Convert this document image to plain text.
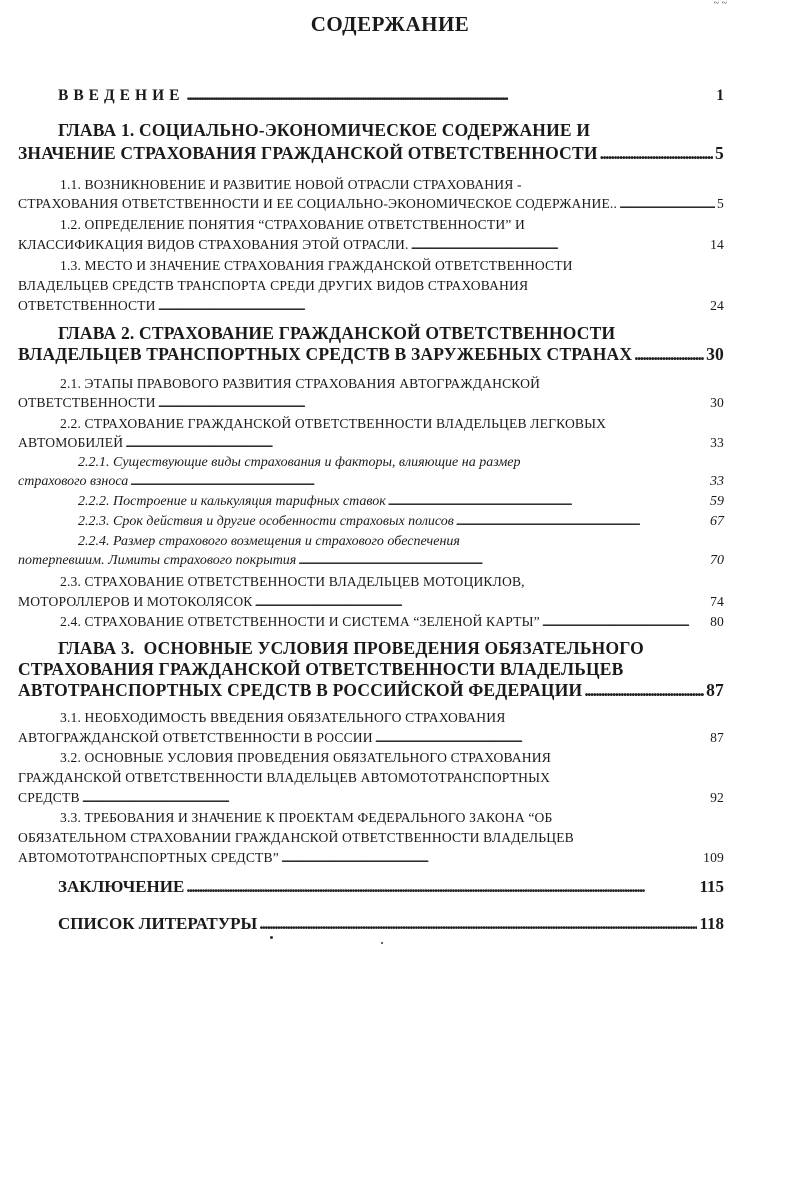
~ ~
СОДЕРЖАНИЕ
ВВЕДЕНИЕ . . .	1
ГЛАВА 1. СОЦИАЛЬНО-ЭКОНОМИЧЕСКОЕ СОДЕРЖАНИЕ И
ЗНАЧЕНИЕ СТРАХОВАНИЯ ГРАЖДАНСКОЙ ОТВЕТСТВЕННОСТИ . . .	5
1.1. ВОЗНИКНОВЕНИЕ И РАЗВИТИЕ НОВОЙ ОТРАСЛИ СТРАХОВАНИЯ -
СТРАХОВАНИЯ ОТВЕТСТВЕННОСТИ И ЕЕ СОЦИАЛЬНО-ЭКОНОМИЧЕСКОЕ СОДЕРЖАНИЕ.. . . .	5
1.2. ОПРЕДЕЛЕНИЕ ПОНЯТИЯ “СТРАХОВАНИЕ ОТВЕТСТВЕННОСТИ” И
КЛАССИФИКАЦИЯ ВИДОВ СТРАХОВАНИЯ ЭТОЙ ОТРАСЛИ. . . .	14
1.3. МЕСТО И ЗНАЧЕНИЕ СТРАХОВАНИЯ ГРАЖДАНСКОЙ ОТВЕТСТВЕННОСТИ
ВЛАДЕЛЬЦЕВ СРЕДСТВ ТРАНСПОРТА СРЕДИ ДРУГИХ ВИДОВ СТРАХОВАНИЯ
ОТВЕТСТВЕННОСТИ . . .	24
ГЛАВА 2. СТРАХОВАНИЕ ГРАЖДАНСКОЙ ОТВЕТСТВЕННОСТИ
ВЛАДЕЛЬЦЕВ ТРАНСПОРТНЫХ СРЕДСТВ В ЗАРУЖЕБНЫХ СТРАНАХ . . .	30
2.1. ЭТАПЫ ПРАВОВОГО РАЗВИТИЯ СТРАХОВАНИЯ АВТОГРАЖДАНСКОЙ
ОТВЕТСТВЕННОСТИ . . .	30
2.2. СТРАХОВАНИЕ ГРАЖДАНСКОЙ ОТВЕТСТВЕННОСТИ ВЛАДЕЛЬЦЕВ ЛЕГКОВЫХ
АВТОМОБИЛЕЙ . . .	33
2.2.1. Существующие виды страхования и факторы, влияющие на размер
страхового взноса . . .	33
2.2.2. Построение и калькуляция тарифных ставок . . .	59
2.2.3. Срок действия и другие особенности страховых полисов . . .	67
2.2.4. Размер страхового возмещения и страхового обеспечения
потерпевшим. Лимиты страхового покрытия . . .	70
2.3. СТРАХОВАНИЕ ОТВЕТСТВЕННОСТИ ВЛАДЕЛЬЦЕВ МОТОЦИКЛОВ,
МОТОРОЛЛЕРОВ И МОТОКОЛЯСОК . . .	74
2.4. СТРАХОВАНИЕ ОТВЕТСТВЕННОСТИ И СИСТЕМА “ЗЕЛЕНОЙ КАРТЫ” . . .	80
ГЛАВА 3.  ОСНОВНЫЕ УСЛОВИЯ ПРОВЕДЕНИЯ ОБЯЗАТЕЛЬНОГО
СТРАХОВАНИЯ ГРАЖДАНСКОЙ ОТВЕТСТВЕННОСТИ ВЛАДЕЛЬЦЕВ
АВТОТРАНСПОРТНЫХ СРЕДСТВ В РОССИЙСКОЙ ФЕДЕРАЦИИ . . .	87
3.1. НЕОБХОДИМОСТЬ ВВЕДЕНИЯ ОБЯЗАТЕЛЬНОГО СТРАХОВАНИЯ
АВТОГРАЖДАНСКОЙ ОТВЕТСТВЕННОСТИ В РОССИИ . . .	87
3.2. ОСНОВНЫЕ УСЛОВИЯ ПРОВЕДЕНИЯ ОБЯЗАТЕЛЬНОГО СТРАХОВАНИЯ
ГРАЖДАНСКОЙ ОТВЕТСТВЕННОСТИ ВЛАДЕЛЬЦЕВ АВТОМОТОТРАНСПОРТНЫХ
СРЕДСТВ . . .	92
3.3. ТРЕБОВАНИЯ И ЗНАЧЕНИЕ К ПРОЕКТАМ ФЕДЕРАЛЬНОГО ЗАКОНА “ОБ
ОБЯЗАТЕЛЬНОМ СТРАХОВАНИИ ГРАЖДАНСКОЙ ОТВЕТСТВЕННОСТИ ВЛАДЕЛЬЦЕВ
АВТОМОТОТРАНСПОРТНЫХ СРЕДСТВ” . . .	109
ЗАКЛЮЧЕНИЕ . . .	115
СПИСОК ЛИТЕРАТУРЫ . . .	118
